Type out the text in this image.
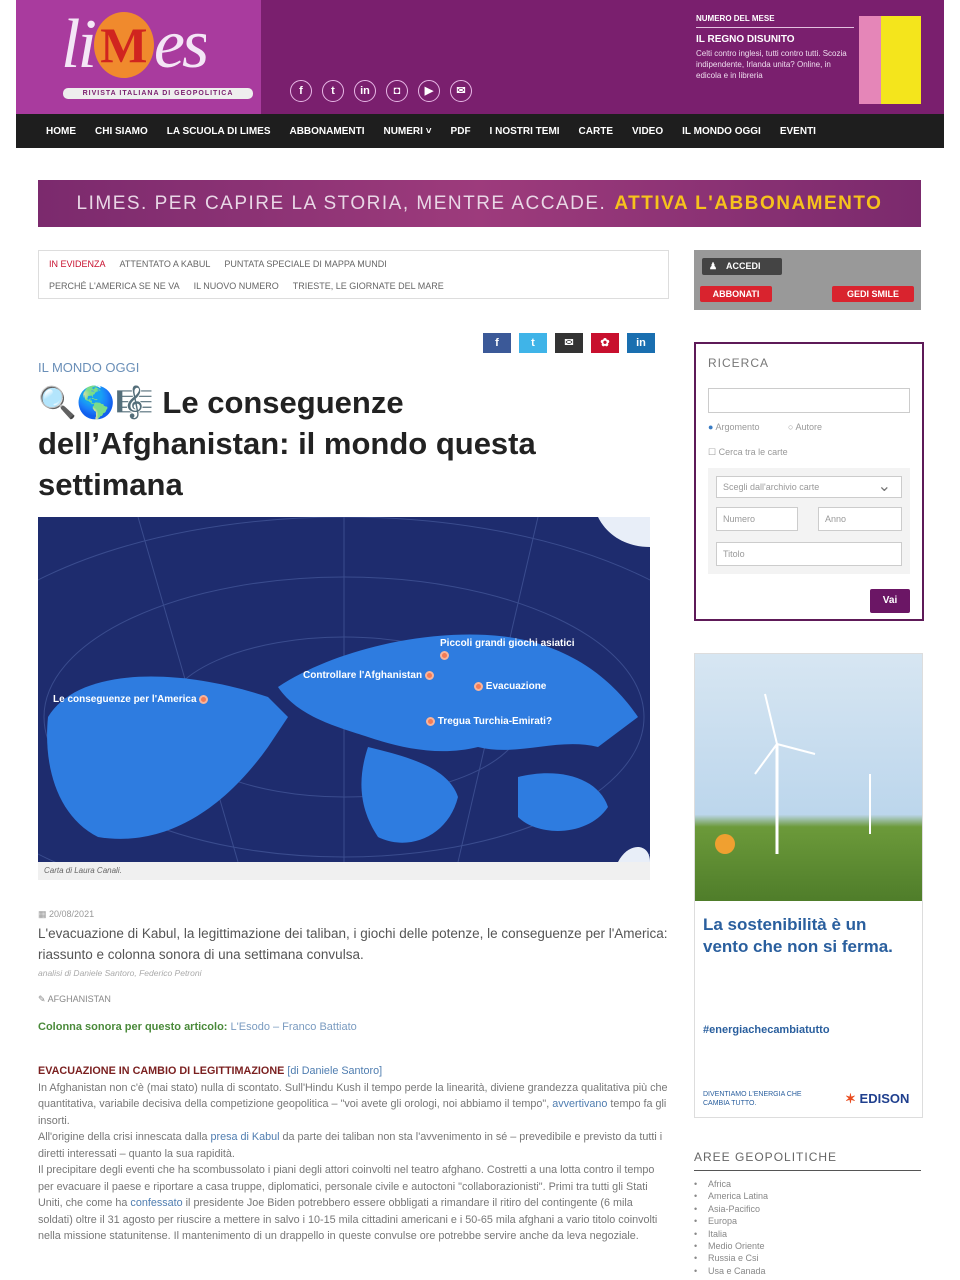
li Mes
RIVISTA ITALIANA DI GEOPOLITICA	f	t	in	◘	▶	✉
NUMERO DEL MESE
IL REGNO DISUNITO
Celti contro inglesi, tutti contro tutti. Scozia indipendente, Irlanda unita? Online, in edicola e in libreria
HOME CHI SIAMO LA SCUOLA DI LIMES ABBONAMENTI NUMERI ˅ PDF I NOSTRI TEMI CARTE VIDEO IL MONDO OGGI EVENTI
LIMES. PER CAPIRE LA STORIA, MENTRE ACCADE. ATTIVA L'ABBONAMENTO
IN EVIDENZA ATTENTATO A KABUL PUNTATA SPECIALE DI MAPPA MUNDI
PERCHÉ L'AMERICA SE NE VA IL NUOVO NUMERO TRIESTE, LE GIORNATE DEL MARE
f	t	✉	✿	in
IL MONDO OGGI
🔍🌎🎼 Le conseguenze dell’Afghanistan: il mondo questa settimana
Piccoli grandi giochi asiatici

Controllare l'Afghanistan
Evacuazione
Le conseguenze per l'America
Tregua Turchia-Emirati?
Carta di Laura Canali.
▦ 20/08/2021

L'evacuazione di Kabul, la legittimazione dei taliban, i giochi delle potenze, le conseguenze per l'America: riassunto e colonna sonora di una settimana convulsa.

analisi di Daniele Santoro, Federico Petroni
✎ AFGHANISTAN
Colonna sonora per questo articolo: L'Esodo – Franco Battiato
EVACUAZIONE IN CAMBIO DI LEGITTIMAZIONE [di Daniele Santoro]

In Afghanistan non c'è (mai stato) nulla di scontato. Sull'Hindu Kush il tempo perde la linearità, diviene grandezza qualitativa più che quantitativa, variabile decisiva della competizione geopolitica – "voi avete gli orologi, noi abbiamo il tempo", avvertivano tempo fa gli insorti.

All'origine della crisi innescata dalla presa di Kabul da parte dei taliban non sta l'avvenimento in sé – prevedibile e previsto da tutti i diretti interessati – quanto la sua rapidità.

Il precipitare degli eventi che ha scombussolato i piani degli attori coinvolti nel teatro afghano. Costretti a una lotta contro il tempo per evacuare il paese e riportare a casa truppe, diplomatici, personale civile e autoctoni "collaborazionisti". Primi tra tutti gli Stati Uniti, che come ha confessato il presidente Joe Biden potrebbero essere obbligati a rimandare il ritiro del contingente (6 mila soldati) oltre il 31 agosto per riuscire a mettere in salvo i 10-15 mila cittadini americani e i 50-65 mila afghani a vario titolo coinvolti nella missione statunitense. Il mantenimento di un drappello in queste convulse ore potrebbe servire anche da leva negoziale.

♟ ACCEDI
ABBONATI	GEDI SMILE
RICERCA
● Argomento	○ Autore
☐ Cerca tra le carte
Scegli dall'archivio carte	⌄
Numero	Anno
Titolo
Vai
La sostenibilità è un vento che non si ferma.
#energiachecambiatutto
DIVENTIAMO L'ENERGIA CHE CAMBIA TUTTO.	✶ EDISON
AREE GEOPOLITICHE
• Africa
• America Latina
• Asia-Pacifico
• Europa
• Italia
• Medio Oriente
• Russia e Csi
• Usa e Canada
